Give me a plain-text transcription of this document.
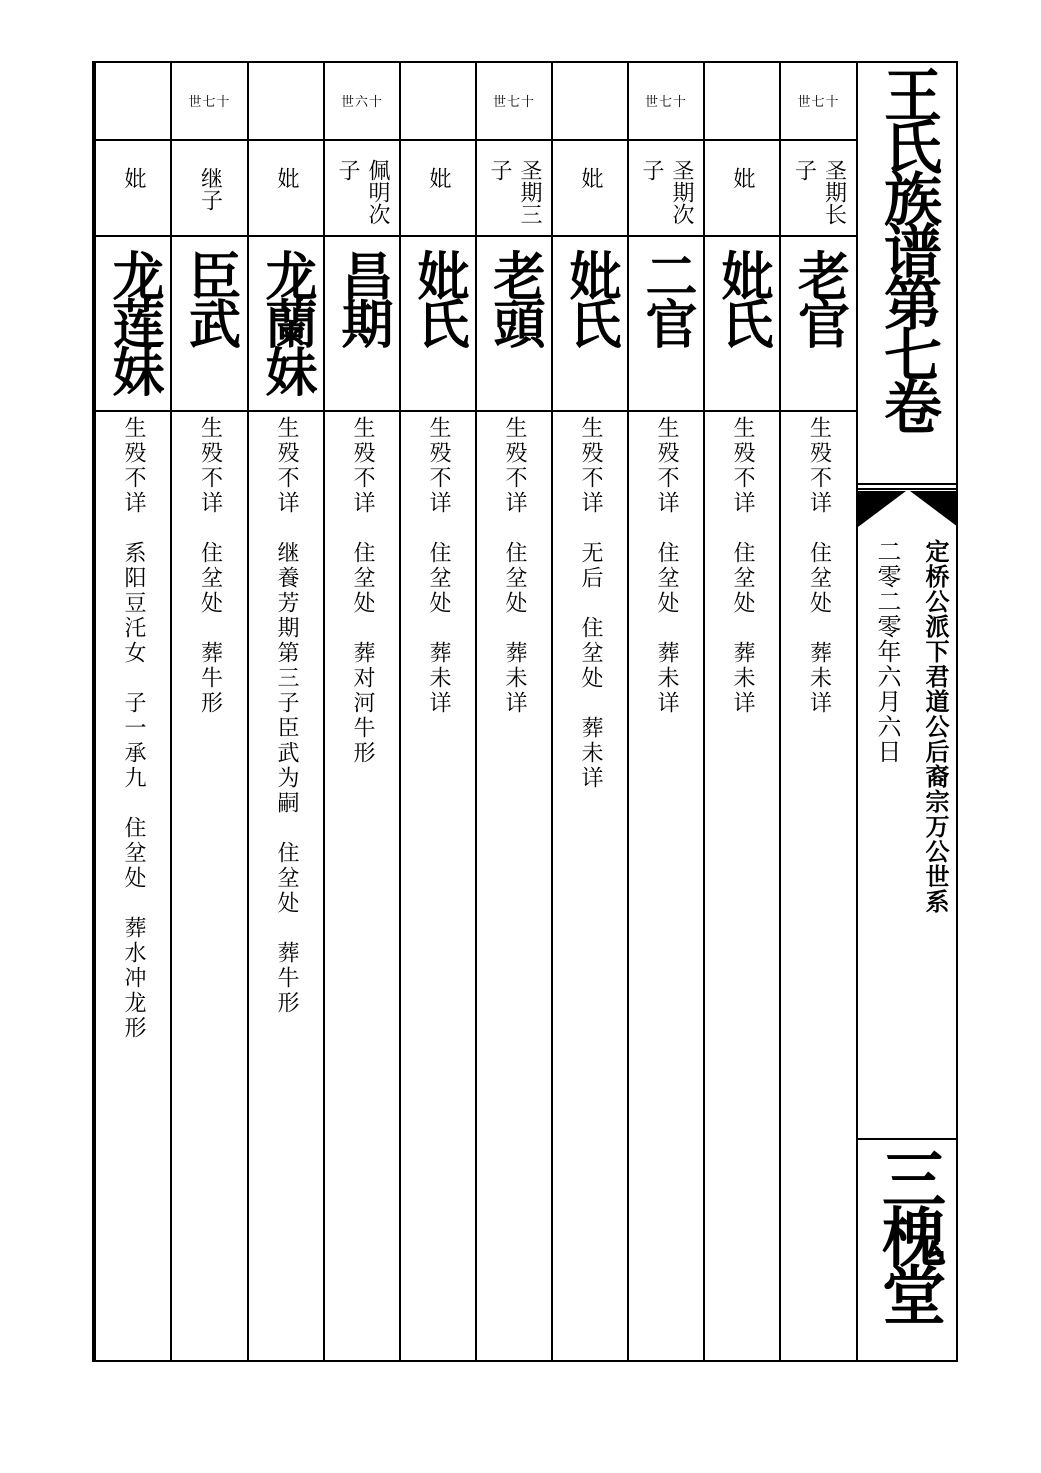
妣
龙莲妹
生殁不详　系阳豆汑女　子一承九　住坌处　葬水冲龙形
世七十
继子
臣武
生殁不详　住坌处　葬牛形
妣
龙蘭妹
生殁不详　继養芳期第三子臣武为嗣　住坌处　葬牛形
世六十
佩明次子
昌期
生殁不详　住坌处　葬对河牛形
妣
妣氏
生殁不详　住坌处　葬未详
世七十
圣期三子
老頭
生殁不详　住坌处　葬未详
妣
妣氏
生殁不详　无后　住坌处　葬未详
世七十
圣期次子
二官
生殁不详　住坌处　葬未详
妣
妣氏
生殁不详　住坌处　葬未详
世七十
圣期长子
老官
生殁不详　住坌处　葬未详
王氏族谱第七卷
定桥公派下君道公后裔宗万公世系
二零二零年六月六日
三槐堂
